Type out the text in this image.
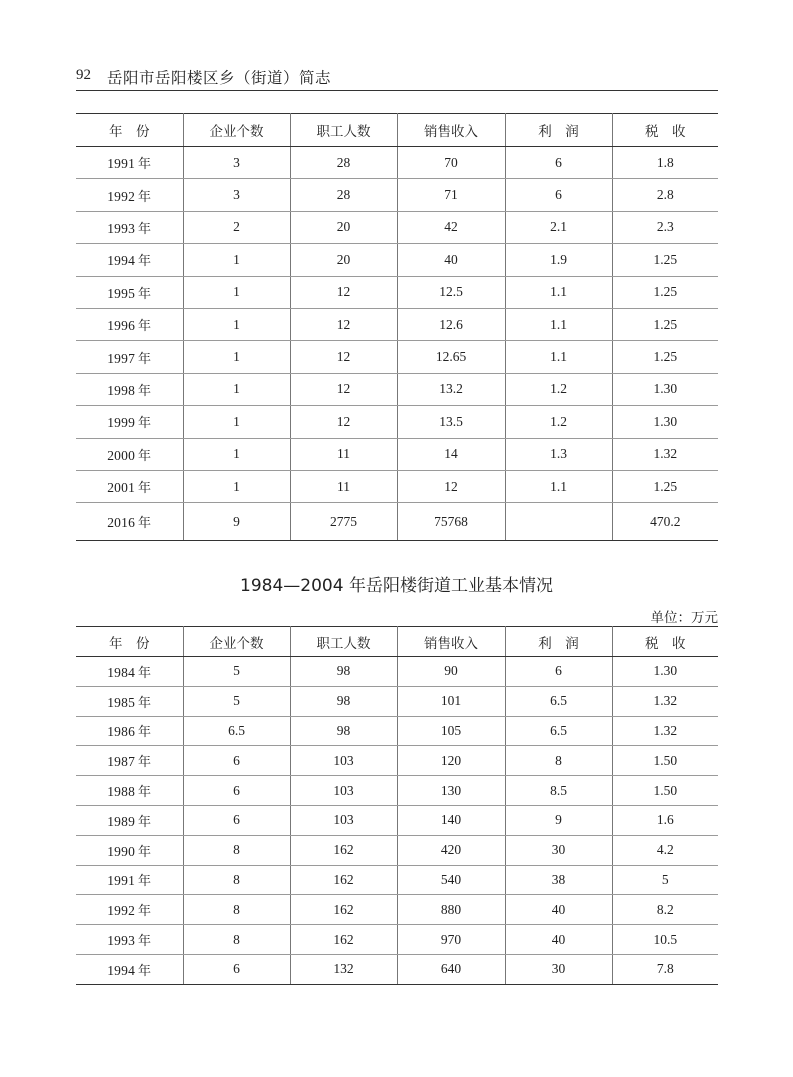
92 岳阳市岳阳楼区乡（街道）简志
年　份	企业个数	职工人数	销售收入	利　润	税　收
1991 年	3	28	70	6	1.8
1992 年	3	28	71	6	2.8
1993 年	2	20	42	2.1	2.3
1994 年	1	20	40	1.9	1.25
1995 年	1	12	12.5	1.1	1.25
1996 年	1	12	12.6	1.1	1.25
1997 年	1	12	12.65	1.1	1.25
1998 年	1	12	13.2	1.2	1.30
1999 年	1	12	13.5	1.2	1.30
2000 年	1	11	14	1.3	1.32
2001 年	1	11	12	1.1	1.25
2016 年	9	2775	75768		470.2
1984—2004 年岳阳楼街道工业基本情况
单位：万元
年　份	企业个数	职工人数	销售收入	利　润	税　收
1984 年	5	98	90	6	1.30
1985 年	5	98	101	6.5	1.32
1986 年	6.5	98	105	6.5	1.32
1987 年	6	103	120	8	1.50
1988 年	6	103	130	8.5	1.50
1989 年	6	103	140	9	1.6
1990 年	8	162	420	30	4.2
1991 年	8	162	540	38	5
1992 年	8	162	880	40	8.2
1993 年	8	162	970	40	10.5
1994 年	6	132	640	30	7.8
